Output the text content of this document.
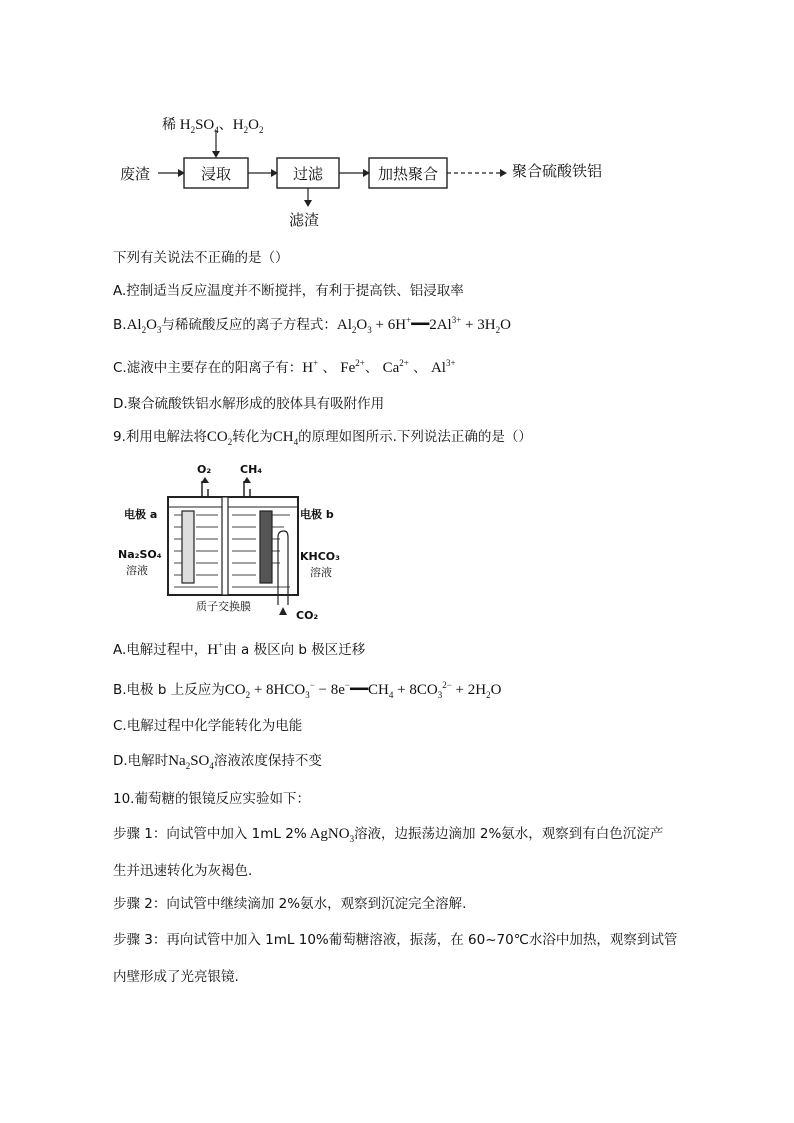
稀 $H_2SO_4$、$H_2O_2$
废渣	浸取	过滤	加热聚合	聚合硫酸铁铝
滤渣
下列有关说法不正确的是（）
A.控制适当反应温度并不断搅拌，有利于提高铁、铝浸取率
$B.Al_2O_3$与稀硫酸反应的离子方程式：$Al_2O_3$ + $6H^+━━2Al^{3+} + 3H_2O$
C.滤液中主要存在的阳离子有：H+ 、 $Fe^{2+}$、 $Ca^{2+}$ 、 $Al^{3+}$
D.聚合硫酸铁铝水解形成的胶体具有吸附作用
9.利用电解法将$CO_2$转化为$CH_4$的原理如图所示.下列说法正确的是（）
O₂	CH₄
电极 a	电极 b
Na₂SO₄
溶液
KHCO₃
溶液
质子交换膜
CO₂
A.电解过程中，H+由 a 极区向 b 极区迁移
B.电极 b 上反应为$CO_2 + 8HCO_3^-$ − $8e^-━━CH_4 + 8CO_3^{2-} + 2H_2O$
C.电解过程中化学能转化为电能
D.电解时$Na_2SO_4$溶液浓度保持不变
10.葡萄糖的银镜反应实验如下：
步骤 1：向试管中加入 1mL 2% AgNO$_3$溶液，边振荡边滴加 2%氨水，观察到有白色沉淀产
生并迅速转化为灰褐色.
步骤 2：向试管中继续滴加 2%氨水，观察到沉淀完全溶解.
步骤 3：再向试管中加入 1mL 10%葡萄糖溶液，振荡，在 60~70℃水浴中加热，观察到试管
内壁形成了光亮银镜.
